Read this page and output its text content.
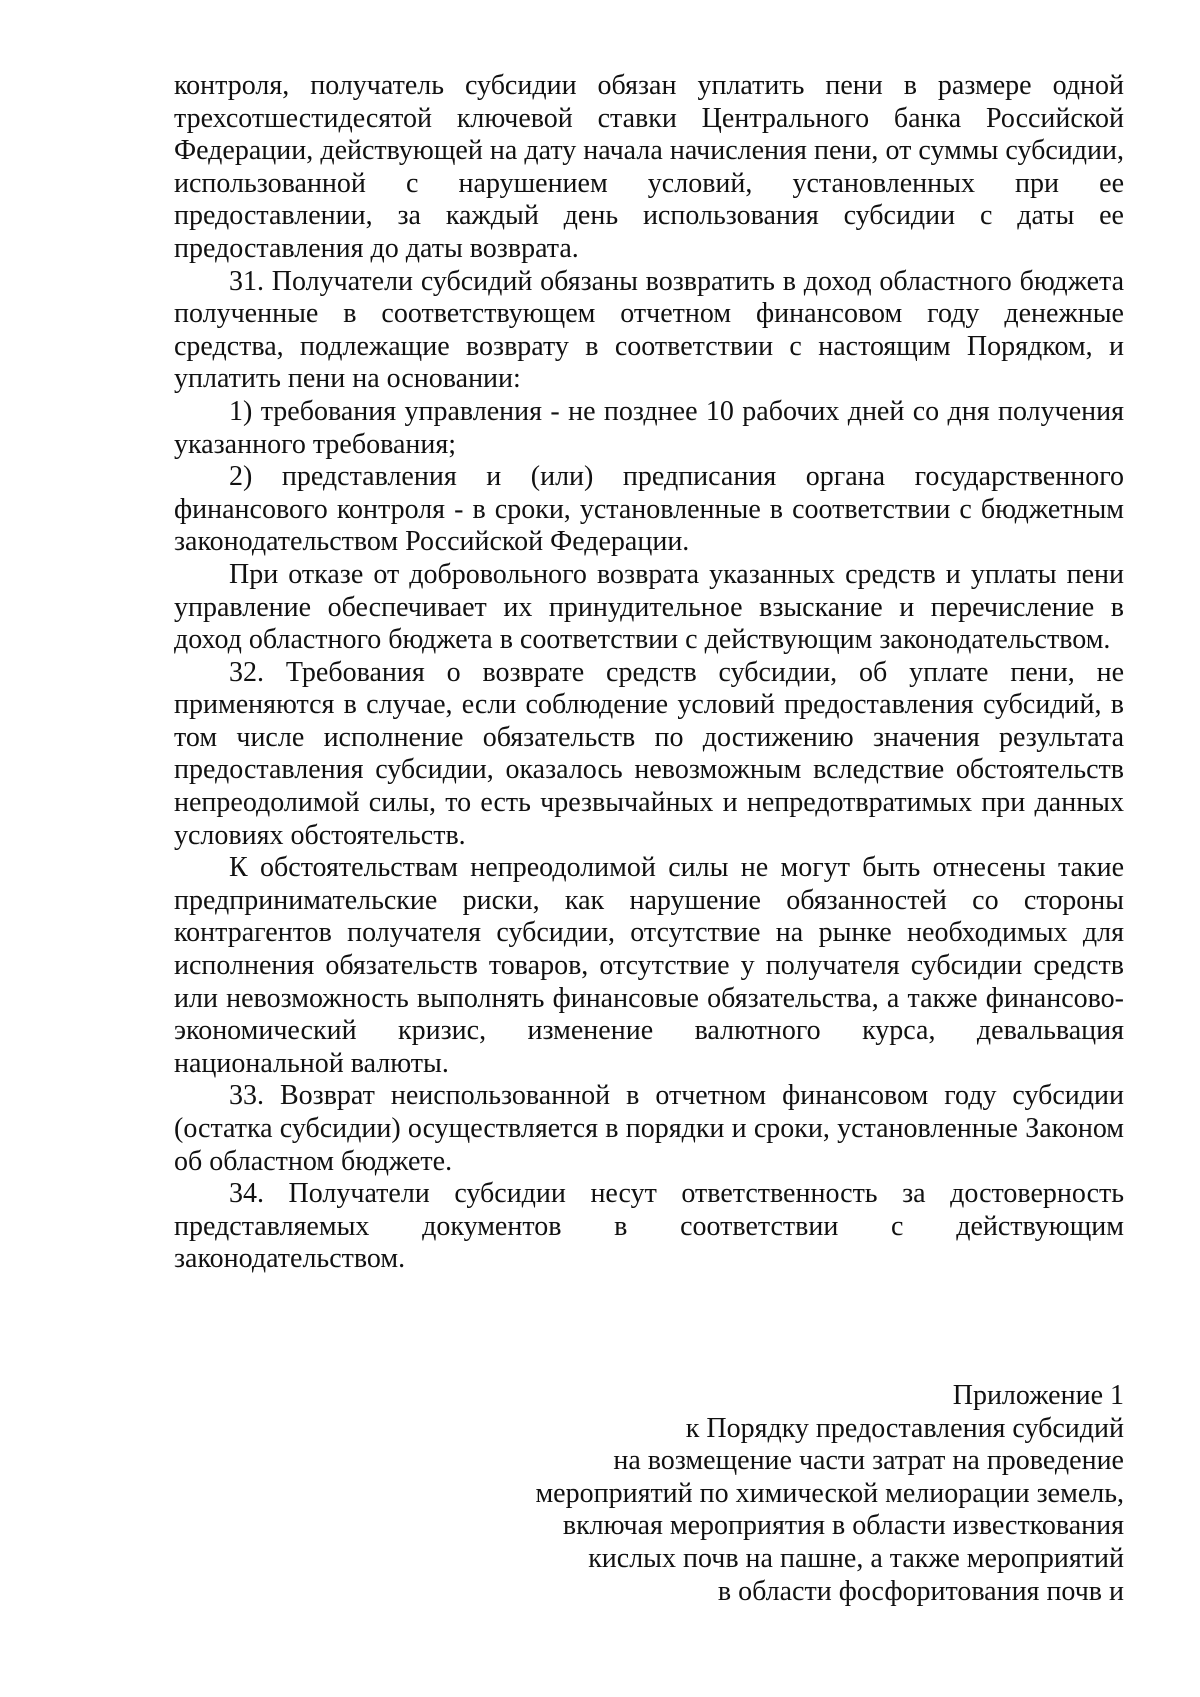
контроля, получатель субсидии обязан уплатить пени в размере одной трехсотшестидесятой ключевой ставки Центрального банка Российской Федерации, действующей на дату начала начисления пени, от суммы субсидии, использованной с нарушением условий, установленных при ее предоставлении, за каждый день использования субсидии с даты ее предоставления до даты возврата.

31. Получатели субсидий обязаны возвратить в доход областного бюджета полученные в соответствующем отчетном финансовом году денежные средства, подлежащие возврату в соответствии с настоящим Порядком, и уплатить пени на основании:

1) требования управления - не позднее 10 рабочих дней со дня получения указанного требования;

2) представления и (или) предписания органа государственного финансового контроля - в сроки, установленные в соответствии с бюджетным законодательством Российской Федерации.

При отказе от добровольного возврата указанных средств и уплаты пени управление обеспечивает их принудительное взыскание и перечисление в доход областного бюджета в соответствии с действующим законодательством.

32. Требования о возврате средств субсидии, об уплате пени, не применяются в случае, если соблюдение условий предоставления субсидий, в том числе исполнение обязательств по достижению значения результата предоставления субсидии, оказалось невозможным вследствие обстоятельств непреодолимой силы, то есть чрезвычайных и непредотвратимых при данных условиях обстоятельств.

К обстоятельствам непреодолимой силы не могут быть отнесены такие предпринимательские риски, как нарушение обязанностей со стороны контрагентов получателя субсидии, отсутствие на рынке необходимых для исполнения обязательств товаров, отсутствие у получателя субсидии средств или невозможность выполнять финансовые обязательства, а также финансово-экономический кризис, изменение валютного курса, девальвация национальной валюты.

33. Возврат неиспользованной в отчетном финансовом году субсидии (остатка субсидии) осуществляется в порядки и сроки, установленные Законом об областном бюджете.

34. Получатели субсидии несут ответственность за достоверность представляемых документов в соответствии с действующим законодательством.

Приложение 1
к Порядку предоставления субсидий
на возмещение части затрат на проведение
мероприятий по химической мелиорации земель,
включая мероприятия в области известкования
кислых почв на пашне, а также мероприятий
в области фосфоритования почв и
